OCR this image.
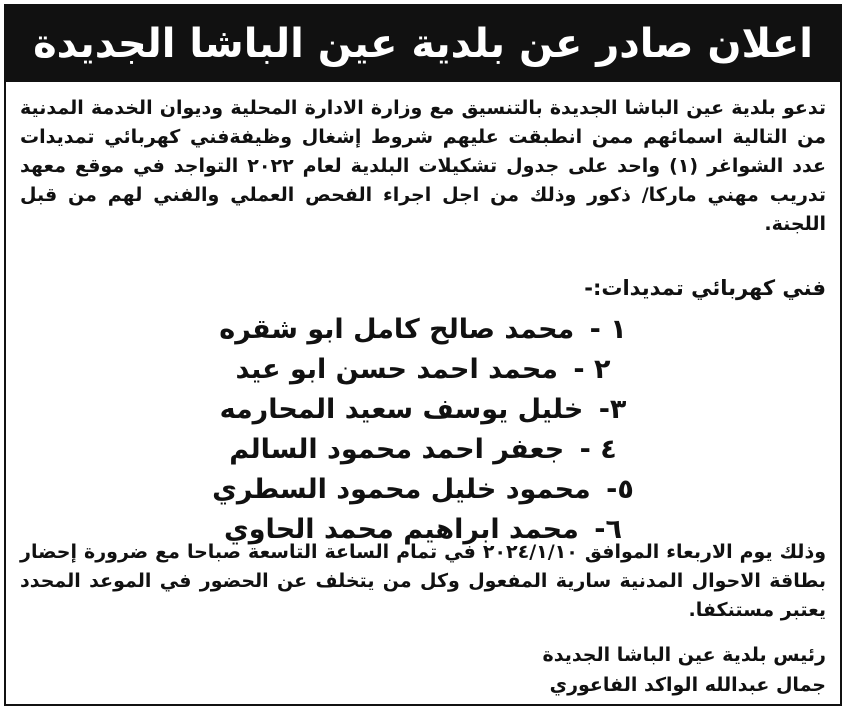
اعلان صادر عن بلدية عين الباشا الجديدة

تدعو بلدية عين الباشا الجديدة بالتنسيق مع وزارة الادارة المحلية وديوان الخدمة المدنية من التالية اسمائهم ممن انطبقت عليهم شروط إشغال وظيفةفني كهربائي تمديدات عدد الشواغر (١) واحد على جدول تشكيلات البلدية لعام ٢٠٢٢ التواجد في موقع معهد تدريب مهني ماركا/ ذكور وذلك من اجل اجراء الفحص العملي والفني لهم من قبل اللجنة.

فني كهربائي تمديدات:-
١ - محمد صالح كامل ابو شقره
٢ - محمد احمد حسن ابو عيد
٣- خليل يوسف سعيد المحارمه
٤ - جعفر احمد محمود السالم
٥- محمود خليل محمود السطري
٦- محمد ابراهيم محمد الحاوي

وذلك يوم الاربعاء الموافق ٢٠٢٤/١/١٠ في تمام الساعة التاسعة صباحا مع ضرورة إحضار بطاقة الاحوال المدنية سارية المفعول وكل من يتخلف عن الحضور في الموعد المحدد يعتبر مستنكفا.

رئيس بلدية عين الباشا الجديدة
جمال عبدالله الواكد الفاعوري
